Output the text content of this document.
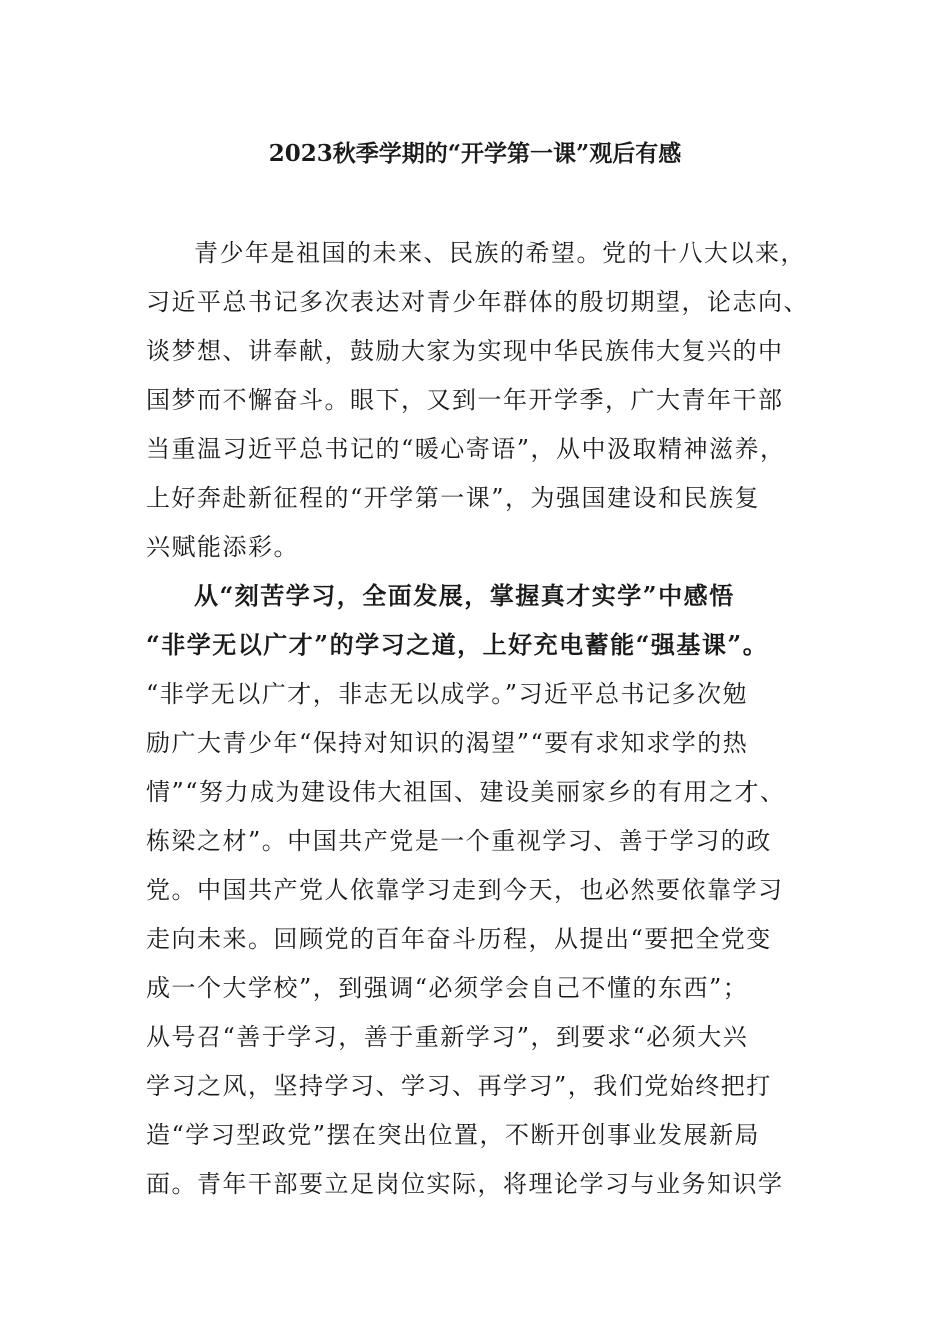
2023秋季学期的“开学第一课”观后有感
青少年是祖国的未来、民族的希望。党的十八大以来，
习近平总书记多次表达对青少年群体的殷切期望，论志向、
谈梦想、讲奉献，鼓励大家为实现中华民族伟大复兴的中
国梦而不懈奋斗。眼下，又到一年开学季，广大青年干部
当重温习近平总书记的“暖心寄语”，从中汲取精神滋养，
上好奔赴新征程的“开学第一课”，为强国建设和民族复
兴赋能添彩。
从“刻苦学习，全面发展，掌握真才实学”中感悟
“非学无以广才”的学习之道，上好充电蓄能“强基课”。
“非学无以广才，非志无以成学。”习近平总书记多次勉
励广大青少年“保持对知识的渴望”“要有求知求学的热
情”“努力成为建设伟大祖国、建设美丽家乡的有用之才、
栋梁之材”。中国共产党是一个重视学习、善于学习的政
党。中国共产党人依靠学习走到今天，也必然要依靠学习
走向未来。回顾党的百年奋斗历程，从提出“要把全党变
成一个大学校”，到强调“必须学会自己不懂的东西”；
从号召“善于学习，善于重新学习”，到要求“必须大兴
学习之风，坚持学习、学习、再学习”，我们党始终把打
造“学习型政党”摆在突出位置，不断开创事业发展新局
面。青年干部要立足岗位实际，将理论学习与业务知识学
